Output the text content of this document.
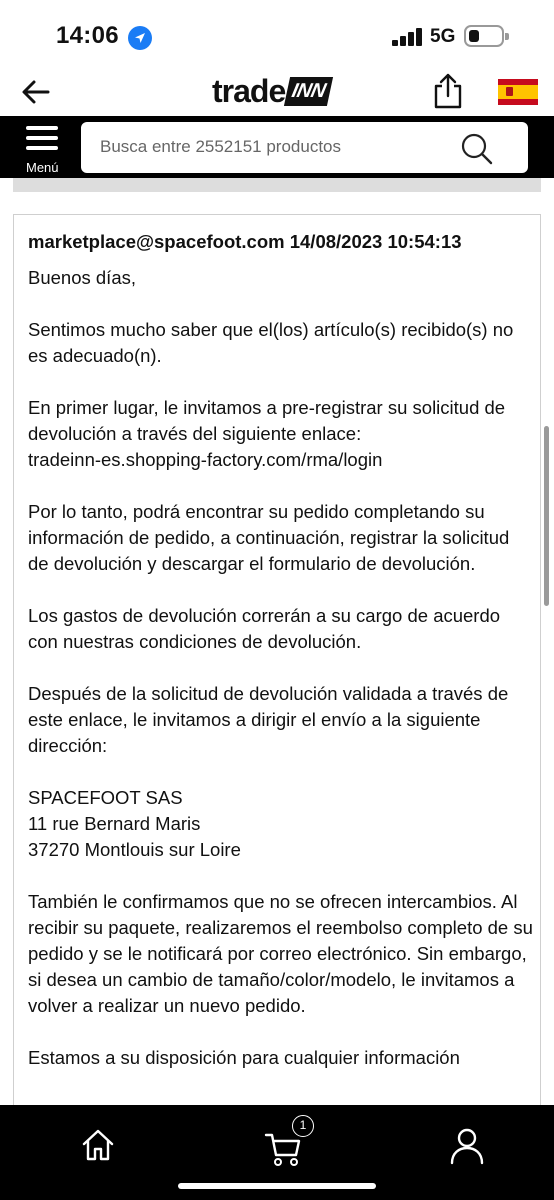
14:06	5G
trade INN
Menú
Busca entre 2552151 productos
marketplace@spacefoot.com 14/08/2023 10:54:13

Buenos días,

Sentimos mucho saber que el(los) artículo(s) recibido(s) no es adecuado(n).

En primer lugar, le invitamos a pre-registrar su solicitud de devolución a través del siguiente enlace:

tradeinn-es.shopping-factory.com/rma/login

Por lo tanto, podrá encontrar su pedido completando su información de pedido, a continuación, registrar la solicitud de devolución y descargar el formulario de devolución.

Los gastos de devolución correrán a su cargo de acuerdo con nuestras condiciones de devolución.

Después de la solicitud de devolución validada a través de este enlace, le invitamos a dirigir el envío a la siguiente dirección:

SPACEFOOT SAS

11 rue Bernard Maris

37270 Montlouis sur Loire

También le confirmamos que no se ofrecen intercambios. Al recibir su paquete, realizaremos el reembolso completo de su pedido y se le notificará por correo electrónico. Sin embargo, si desea un cambio de tamaño/color/modelo, le invitamos a volver a realizar un nuevo pedido.

Estamos a su disposición para cualquier información

1
